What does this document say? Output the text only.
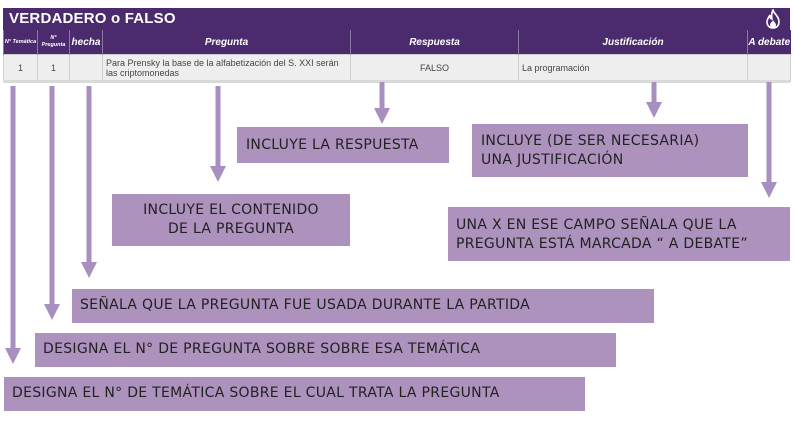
VERDADERO o FALSO
N° Temática	N° Pregunta	hecha	Pregunta	Respuesta	Justificación	A debate
1	1		Para Prensky la base de la alfabetización del S. XXI serán las criptomonedas	FALSO	La programación	
INCLUYE LA RESPUESTA	INCLUYE (DE SER NECESARIA)
UNA JUSTIFICACIÓN
INCLUYE EL CONTENIDO
DE LA PREGUNTA	UNA X EN ESE CAMPO SEÑALA QUE LA
PREGUNTA ESTÁ MARCADA “ A DEBATE”
SEÑALA QUE LA PREGUNTA FUE USADA DURANTE LA PARTIDA
DESIGNA EL N° DE PREGUNTA SOBRE SOBRE ESA TEMÁTICA
DESIGNA EL N° DE TEMÁTICA SOBRE EL CUAL TRATA LA PREGUNTA
